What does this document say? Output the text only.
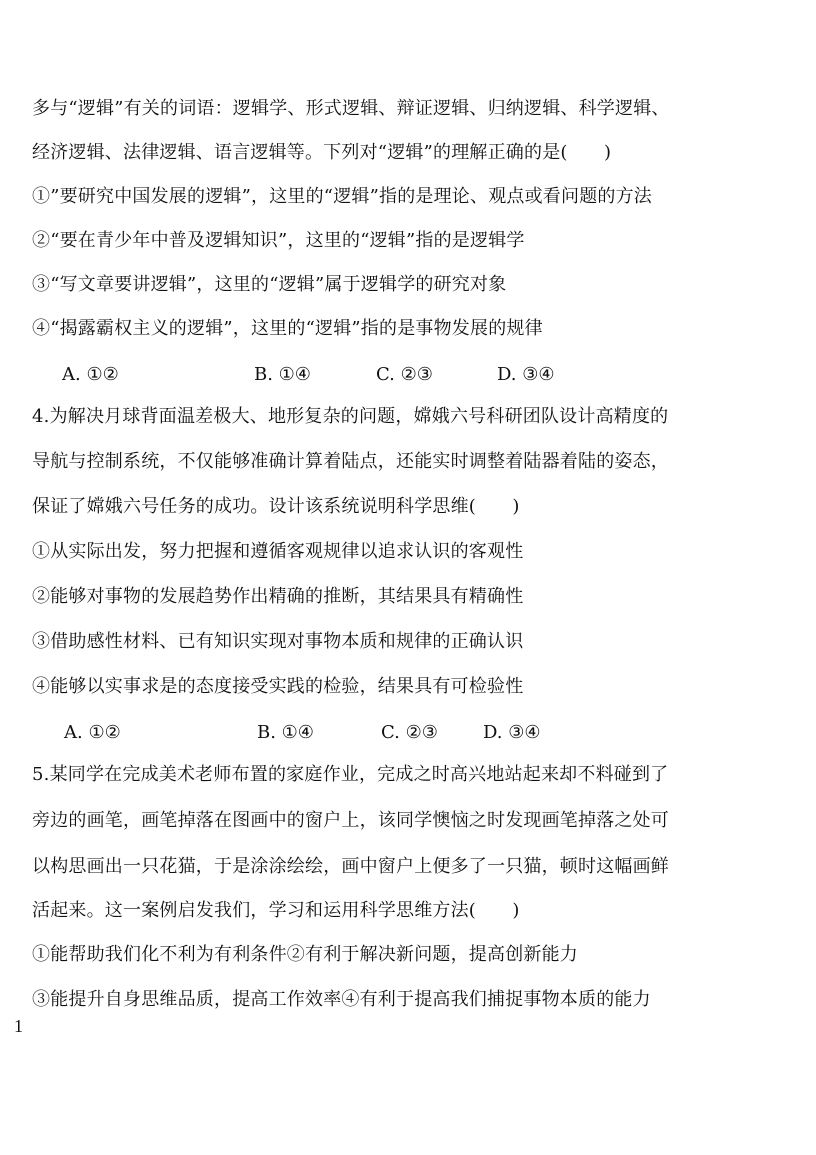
多与“逻辑”有关的词语：逻辑学、形式逻辑、辩证逻辑、归纳逻辑、科学逻辑、
经济逻辑、法律逻辑、语言逻辑等。下列对“逻辑”的理解正确的是(　　)
①”要研究中国发展的逻辑”，这里的“逻辑”指的是理论、观点或看问题的方法
②“要在青少年中普及逻辑知识”，这里的“逻辑”指的是逻辑学
③“写文章要讲逻辑”，这里的“逻辑”属于逻辑学的研究对象
④“揭露霸权主义的逻辑”，这里的“逻辑”指的是事物发展的规律
A. ①②	B. ①④	C. ②③	D. ③④
4.为解决月球背面温差极大、地形复杂的问题，嫦娥六号科研团队设计高精度的
导航与控制系统，不仅能够准确计算着陆点，还能实时调整着陆器着陆的姿态，
保证了嫦娥六号任务的成功。设计该系统说明科学思维(　　)
①从实际出发，努力把握和遵循客观规律以追求认识的客观性
②能够对事物的发展趋势作出精确的推断，其结果具有精确性
③借助感性材料、已有知识实现对事物本质和规律的正确认识
④能够以实事求是的态度接受实践的检验，结果具有可检验性
A. ①②	B. ①④	C. ②③	D. ③④
5.某同学在完成美术老师布置的家庭作业，完成之时高兴地站起来却不料碰到了
旁边的画笔，画笔掉落在图画中的窗户上，该同学懊恼之时发现画笔掉落之处可
以构思画出一只花猫，于是涂涂绘绘，画中窗户上便多了一只猫，顿时这幅画鲜
活起来。这一案例启发我们，学习和运用科学思维方法(　　)
①能帮助我们化不利为有利条件②有利于解决新问题，提高创新能力
③能提升自身思维品质，提高工作效率④有利于提高我们捕捉事物本质的能力
1
